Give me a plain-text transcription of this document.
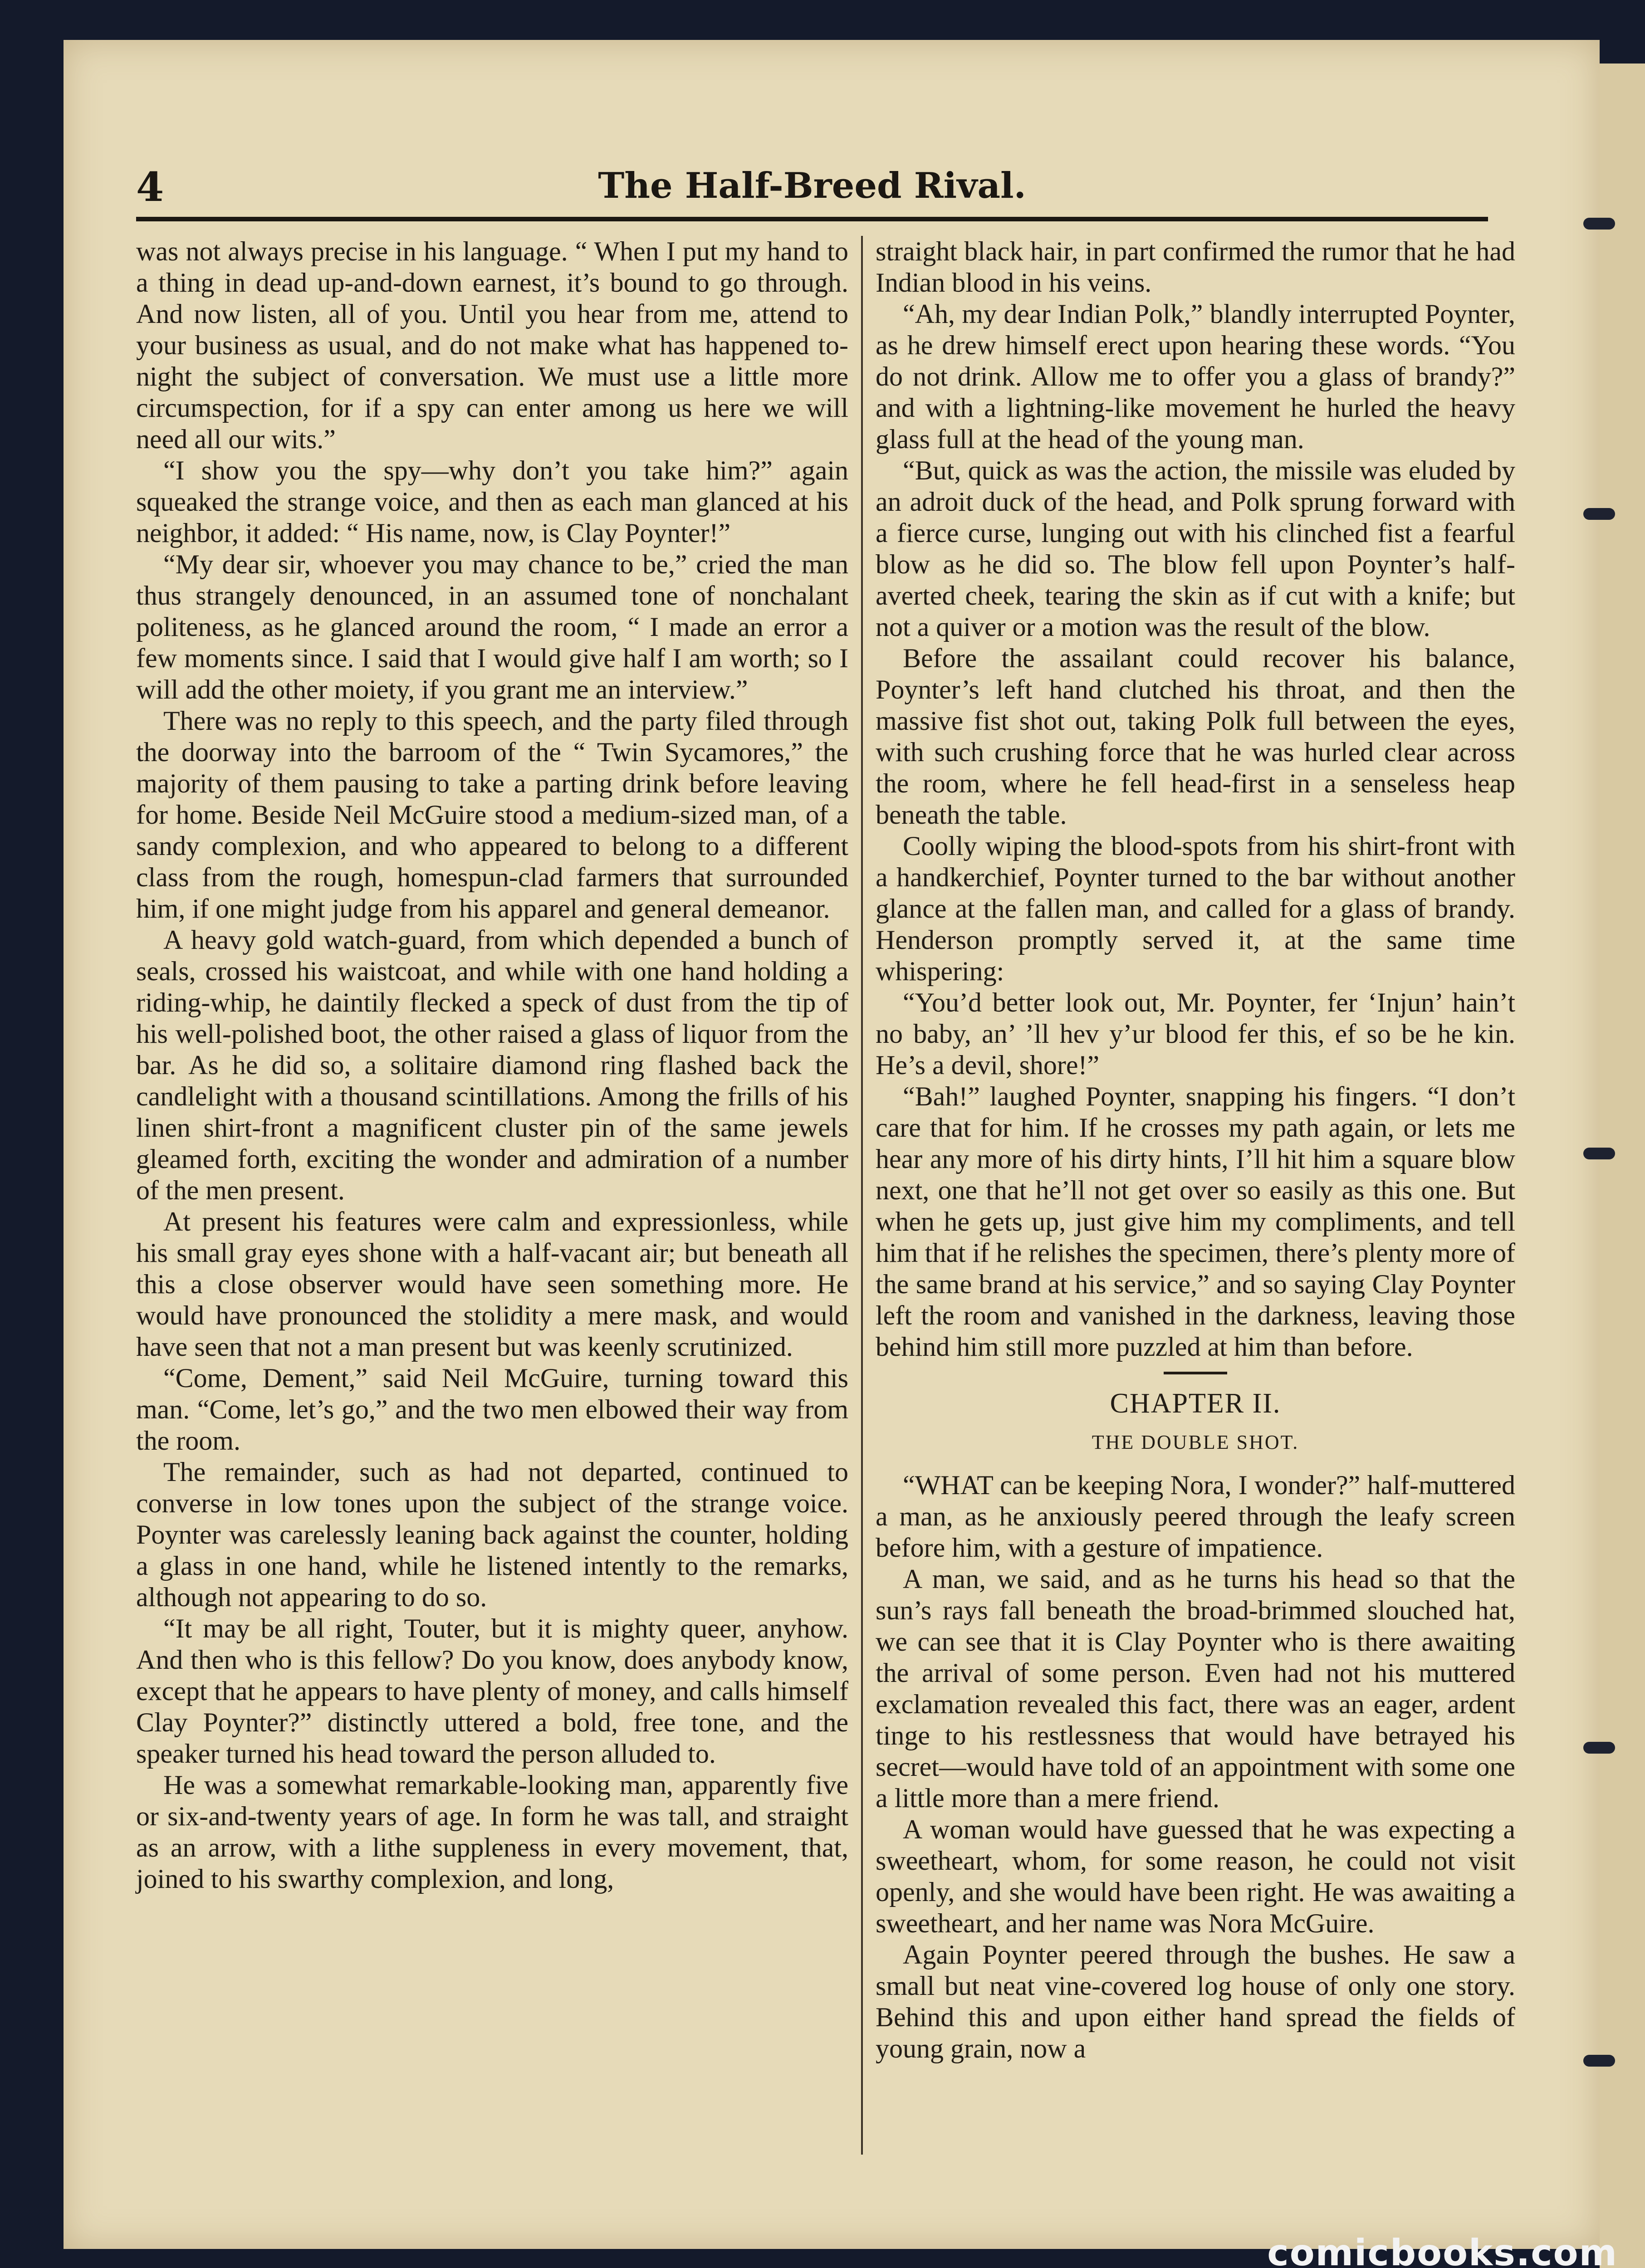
4	The Half-Breed Rival.

was not always precise in his language. “ When I put my hand to a thing in dead up-and-down earnest, it’s bound to go through. And now listen, all of you. Until you hear from me, attend to your business as usual, and do not make what has happened to-night the subject of conversation. We must use a little more circumspection, for if a spy can enter among us here we will need all our wits.”

“I show you the spy—why don’t you take him?” again squeaked the strange voice, and then as each man glanced at his neighbor, it added: “ His name, now, is Clay Poynter!”

“My dear sir, whoever you may chance to be,” cried the man thus strangely denounced, in an assumed tone of nonchalant politeness, as he glanced around the room, “ I made an error a few moments since. I said that I would give half I am worth; so I will add the other moiety, if you grant me an interview.”

There was no reply to this speech, and the party filed through the doorway into the barroom of the “ Twin Sycamores,” the majority of them pausing to take a parting drink before leaving for home. Beside Neil McGuire stood a medium-sized man, of a sandy complexion, and who appeared to belong to a different class from the rough, homespun-clad farmers that surrounded him, if one might judge from his apparel and general demeanor.

A heavy gold watch-guard, from which depended a bunch of seals, crossed his waistcoat, and while with one hand holding a riding-whip, he daintily flecked a speck of dust from the tip of his well-polished boot, the other raised a glass of liquor from the bar. As he did so, a solitaire diamond ring flashed back the candlelight with a thousand scintillations. Among the frills of his linen shirt-front a magnificent cluster pin of the same jewels gleamed forth, exciting the wonder and admiration of a number of the men present.

At present his features were calm and expressionless, while his small gray eyes shone with a half-vacant air; but beneath all this a close observer would have seen something more. He would have pronounced the stolidity a mere mask, and would have seen that not a man present but was keenly scrutinized.

“Come, Dement,” said Neil McGuire, turning toward this man. “Come, let’s go,” and the two men elbowed their way from the room.

The remainder, such as had not departed, continued to converse in low tones upon the subject of the strange voice. Poynter was carelessly leaning back against the counter, holding a glass in one hand, while he listened intently to the remarks, although not appearing to do so.

“It may be all right, Touter, but it is mighty queer, anyhow. And then who is this fellow? Do you know, does anybody know, except that he appears to have plenty of money, and calls himself Clay Poynter?” distinctly uttered a bold, free tone, and the speaker turned his head toward the person alluded to.

He was a somewhat remarkable-looking man, apparently five or six-and-twenty years of age. In form he was tall, and straight as an arrow, with a lithe suppleness in every movement, that, joined to his swarthy complexion, and long,

straight black hair, in part confirmed the rumor that he had Indian blood in his veins.

“Ah, my dear Indian Polk,” blandly interrupted Poynter, as he drew himself erect upon hearing these words. “You do not drink. Allow me to offer you a glass of brandy?” and with a lightning-like movement he hurled the heavy glass full at the head of the young man.

“But, quick as was the action, the missile was eluded by an adroit duck of the head, and Polk sprung forward with a fierce curse, lunging out with his clinched fist a fearful blow as he did so. The blow fell upon Poynter’s half-averted cheek, tearing the skin as if cut with a knife; but not a quiver or a motion was the result of the blow.

Before the assailant could recover his balance, Poynter’s left hand clutched his throat, and then the massive fist shot out, taking Polk full between the eyes, with such crushing force that he was hurled clear across the room, where he fell head-first in a senseless heap beneath the table.

Coolly wiping the blood-spots from his shirt-front with a handkerchief, Poynter turned to the bar without another glance at the fallen man, and called for a glass of brandy. Henderson promptly served it, at the same time whispering:

“You’d better look out, Mr. Poynter, fer ‘Injun’ hain’t no baby, an’ ’ll hev y’ur blood fer this, ef so be he kin. He’s a devil, shore!”

“Bah!” laughed Poynter, snapping his fingers. “I don’t care that for him. If he crosses my path again, or lets me hear any more of his dirty hints, I’ll hit him a square blow next, one that he’ll not get over so easily as this one. But when he gets up, just give him my compliments, and tell him that if he relishes the specimen, there’s plenty more of the same brand at his service,” and so saying Clay Poynter left the room and vanished in the darkness, leaving those behind him still more puzzled at him than before.

CHAPTER II.
THE DOUBLE SHOT.

“WHAT can be keeping Nora, I wonder?” half-muttered a man, as he anxiously peered through the leafy screen before him, with a gesture of impatience.

A man, we said, and as he turns his head so that the sun’s rays fall beneath the broad-brimmed slouched hat, we can see that it is Clay Poynter who is there awaiting the arrival of some person. Even had not his muttered exclamation revealed this fact, there was an eager, ardent tinge to his restlessness that would have betrayed his secret—would have told of an appointment with some one a little more than a mere friend.

A woman would have guessed that he was expecting a sweetheart, whom, for some reason, he could not visit openly, and she would have been right. He was awaiting a sweetheart, and her name was Nora McGuire.

Again Poynter peered through the bushes. He saw a small but neat vine-covered log house of only one story. Behind this and upon either hand spread the fields of young grain, now a

comicbooks.com
